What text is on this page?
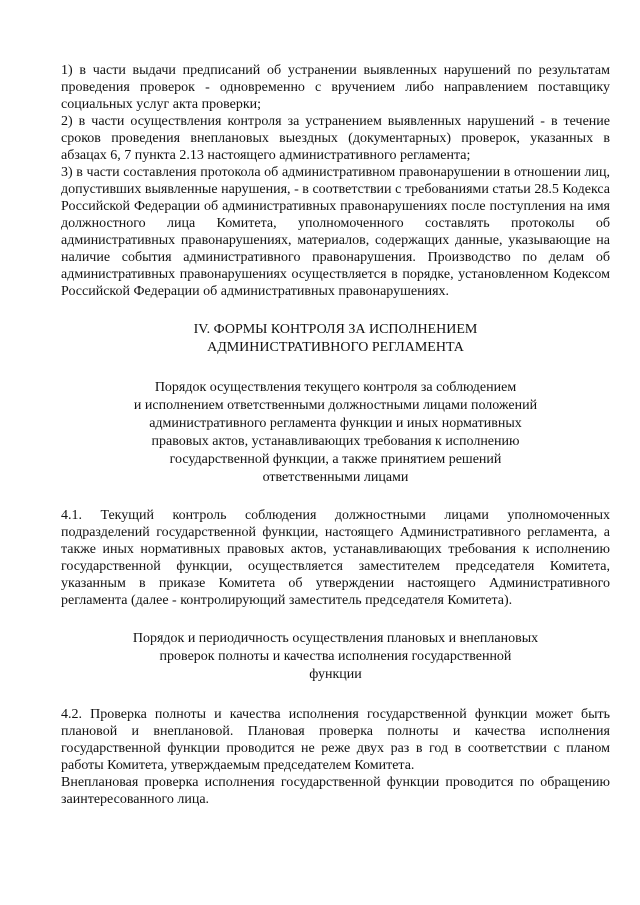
1) в части выдачи предписаний об устранении выявленных нарушений по результатам проведения проверок - одновременно с вручением либо направлением поставщику социальных услуг акта проверки;

2) в части осуществления контроля за устранением выявленных нарушений - в течение сроков проведения внеплановых выездных (документарных) проверок, указанных в абзацах 6, 7 пункта 2.13 настоящего административного регламента;

3) в части составления протокола об административном правонарушении в отношении лиц, допустивших выявленные нарушения, - в соответствии с требованиями статьи 28.5 Кодекса Российской Федерации об административных правонарушениях после поступления на имя должностного лица Комитета, уполномоченного составлять протоколы об административных правонарушениях, материалов, содержащих данные, указывающие на наличие события административного правонарушения. Производство по делам об административных правонарушениях осуществляется в порядке, установленном Кодексом Российской Федерации об административных правонарушениях.

IV. ФОРМЫ КОНТРОЛЯ ЗА ИСПОЛНЕНИЕМ
АДМИНИСТРАТИВНОГО РЕГЛАМЕНТА
Порядок осуществления текущего контроля за соблюдением
и исполнением ответственными должностными лицами положений
административного регламента функции и иных нормативных
правовых актов, устанавливающих требования к исполнению
государственной функции, а также принятием решений
ответственными лицами

4.1. Текущий контроль соблюдения должностными лицами уполномоченных подразделений государственной функции, настоящего Административного регламента, а также иных нормативных правовых актов, устанавливающих требования к исполнению государственной функции, осуществляется заместителем председателя Комитета, указанным в приказе Комитета об утверждении настоящего Административного регламента (далее - контролирующий заместитель председателя Комитета).

Порядок и периодичность осуществления плановых и внеплановых
проверок полноты и качества исполнения государственной
функции

4.2. Проверка полноты и качества исполнения государственной функции может быть плановой и внеплановой. Плановая проверка полноты и качества исполнения государственной функции проводится не реже двух раз в год в соответствии с планом работы Комитета, утверждаемым председателем Комитета.

Внеплановая проверка исполнения государственной функции проводится по обращению заинтересованного лица.
